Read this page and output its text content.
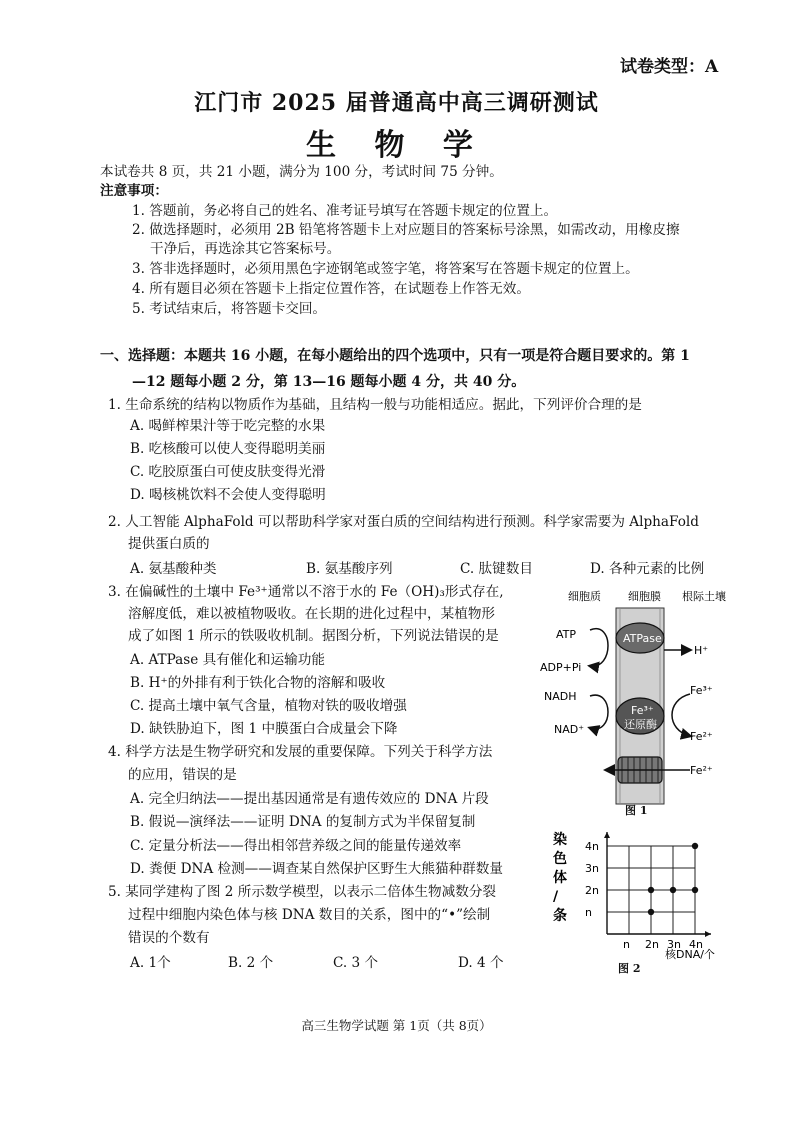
试卷类型：A
江门市 2025 届普通高中高三调研测试
生 物 学
本试卷共 8 页，共 21 小题，满分为 100 分，考试时间 75 分钟。
注意事项：
1. 答题前，务必将自己的姓名、准考证号填写在答题卡规定的位置上。
2. 做选择题时，必须用 2B 铅笔将答题卡上对应题目的答案标号涂黑，如需改动，用橡皮擦
干净后，再选涂其它答案标号。
3. 答非选择题时，必须用黑色字迹钢笔或签字笔，将答案写在答题卡规定的位置上。
4. 所有题目必须在答题卡上指定位置作答，在试题卷上作答无效。
5. 考试结束后，将答题卡交回。
一、选择题：本题共 16 小题，在每小题给出的四个选项中，只有一项是符合题目要求的。第 1
—12 题每小题 2 分，第 13—16 题每小题 4 分，共 40 分。
1. 生命系统的结构以物质作为基础，且结构一般与功能相适应。据此，下列评价合理的是
A. 喝鲜榨果汁等于吃完整的水果
B. 吃核酸可以使人变得聪明美丽
C. 吃胶原蛋白可使皮肤变得光滑
D. 喝核桃饮料不会使人变得聪明
2. 人工智能 AlphaFold 可以帮助科学家对蛋白质的空间结构进行预测。科学家需要为 AlphaFold
提供蛋白质的
A. 氨基酸种类	B. 氨基酸序列	C. 肽键数目	D. 各种元素的比例
3. 在偏碱性的土壤中 Fe³⁺通常以不溶于水的 Fe（OH)₃形式存在,
溶解度低，难以被植物吸收。在长期的进化过程中，某植物形
成了如图 1 所示的铁吸收机制。据图分析，下列说法错误的是
A. ATPase 具有催化和运输功能
B. H⁺的外排有利于铁化合物的溶解和吸收
C. 提高土壤中氧气含量，植物对铁的吸收增强
D. 缺铁胁迫下，图 1 中膜蛋白合成量会下降
4. 科学方法是生物学研究和发展的重要保障。下列关于科学方法
的应用，错误的是
A. 完全归纳法——提出基因通常是有遗传效应的 DNA 片段
B. 假说—演绎法——证明 DNA 的复制方式为半保留复制
C. 定量分析法——得出相邻营养级之间的能量传递效率
D. 粪便 DNA 检测——调查某自然保护区野生大熊猫种群数量
5. 某同学建构了图 2 所示数学模型，以表示二倍体生物减数分裂
过程中细胞内染色体与核 DNA 数目的关系，图中的“•”绘制
错误的个数有
A. 1个	B. 2 个	C. 3 个	D. 4 个
细胞质 细胞膜 根际土壤
ATPase
Fe³⁺
还原酶
ATP
ADP+Pi
H⁺
NADH
NAD⁺
Fe³⁺
Fe²⁺
Fe²⁺
图 1
染
色
体
/
条
n 2n 3n 4n
n
2n
3n
4n
核DNA/个
图 2
高三生物学试题 第 1页（共 8页）
